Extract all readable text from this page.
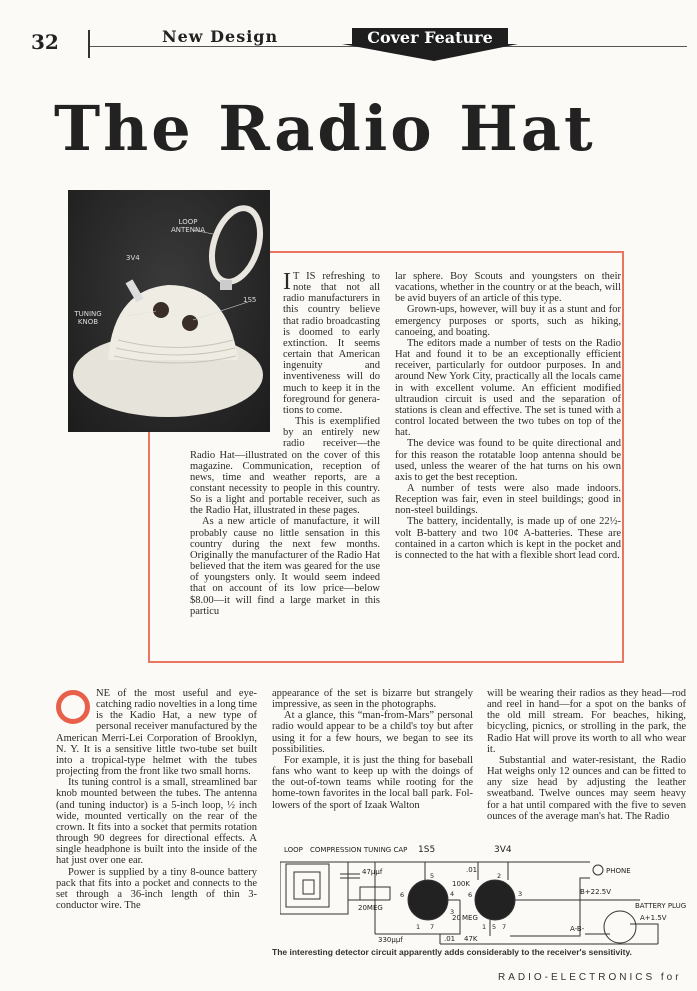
32	New Design	Cover Feature
The Radio Hat
LOOP ANTENNA
3V4
1S5
TUNING KNOB

I T IS refreshing to note that not all radio manufacturers in this country believe that radio broadcasting is doomed to early extinction. It seems certain that American ingenuity and inventiveness will do much to keep it in the foreground for generations to come.

This is exemplified by an entirely new radio receiver—the Radio Hat—illustrated on the cover of this magazine. Communication, reception of news, time and weather reports, are a constant necessity to people in this country. So is a light and portable receiver, such as the Radio Hat, illustrated in these pages.

As a new article of manufacture, it will probably cause no little sensation in this country during the next few months. Originally the manufacturer of the Radio Hat believed that the item was geared for the use of youngsters only. It would seem indeed that on account of its low price—below $8.00—it will find a large market in this particu

lar sphere. Boy Scouts and youngsters on their vacations, whether in the country or at the beach, will be avid buyers of an article of this type.

Grown-ups, however, will buy it as a stunt and for emergency purposes or sports, such as hiking, canoeing, and boating.

The editors made a number of tests on the Radio Hat and found it to be an exceptionally efficient receiver, particularly for outdoor purposes. In and around New York City, practically all the locals came in with excellent volume. An efficient modified ultraudion circuit is used and the separation of stations is clean and effective. The set is tuned with a control located between the two tubes on top of the hat.

The device was found to be quite directional and for this reason the rotatable loop antenna should be used, unless the wearer of the hat turns on his own axis to get the best reception.

A number of tests were also made indoors. Reception was fair, even in steel buildings; good in non-steel buildings.

The battery, incidentally, is made up of one 22½-volt B-battery and two 10¢ A-batteries. These are contained in a carton which is kept in the pocket and is connected to the hat with a flexible short lead cord.

NE of the most useful and eye-catching radio novelties in a long time is the Kadio Hat, a new type of personal receiver manufactured by the American Merri-Lei Corporation of Brooklyn, N. Y. It is a sensitive little two-tube set built into a tropical-type helmet with the tubes projecting from the front like two small horns.

Its tuning control is a small, streamlined bar knob mounted between the tubes. The antenna (and tuning inductor) is a 5-inch loop, ½ inch wide, mounted vertically on the rear of the crown. It fits into a socket that permits rotation through 90 degrees for directional effects. A single headphone is built into the inside of the hat just over one ear.

Power is supplied by a tiny 8-ounce battery pack that fits into a pocket and connects to the set through a 36-inch length of thin 3-conductor wire. The

appearance of the set is bizarre but strangely impressive, as seen in the photographs.

At a glance, this “man-from-Mars” personal radio would appear to be a child's toy but after using it for a few hours, we began to see its possibilities.

For example, it is just the thing for baseball fans who want to keep up with the doings of the out-of-town teams while rooting for the home-town favorites in the local ball park. Followers of the sport of Izaak Walton

will be wearing their radios as they head—rod and reel in hand—for a spot on the banks of the old mill stream. For beaches, hiking, bicycling, picnics, or strolling in the park, the Radio Hat will prove its worth to all who wear it.

Substantial and water-resistant, the Radio Hat weighs only 12 ounces and can be fitted to any size head by adjusting the leather sweatband. Twelve ounces may seem heavy for a hat until compared with the five to seven ounces of the average man's hat. The Radio

LOOP COMPRESSION TUNING CAP 1S5	3V4
47µµf
20MEG
330µµf
.01
.01
100K
47K
20 MEG
PHONE
B+22.5V
BATTERY PLUG
A+1.5V
A-B-
5
6	4
3
1 7
2
6	3
1 5 7
The interesting detector circuit apparently adds considerably to the receiver's sensitivity.
RADIO-ELECTRONICS for
